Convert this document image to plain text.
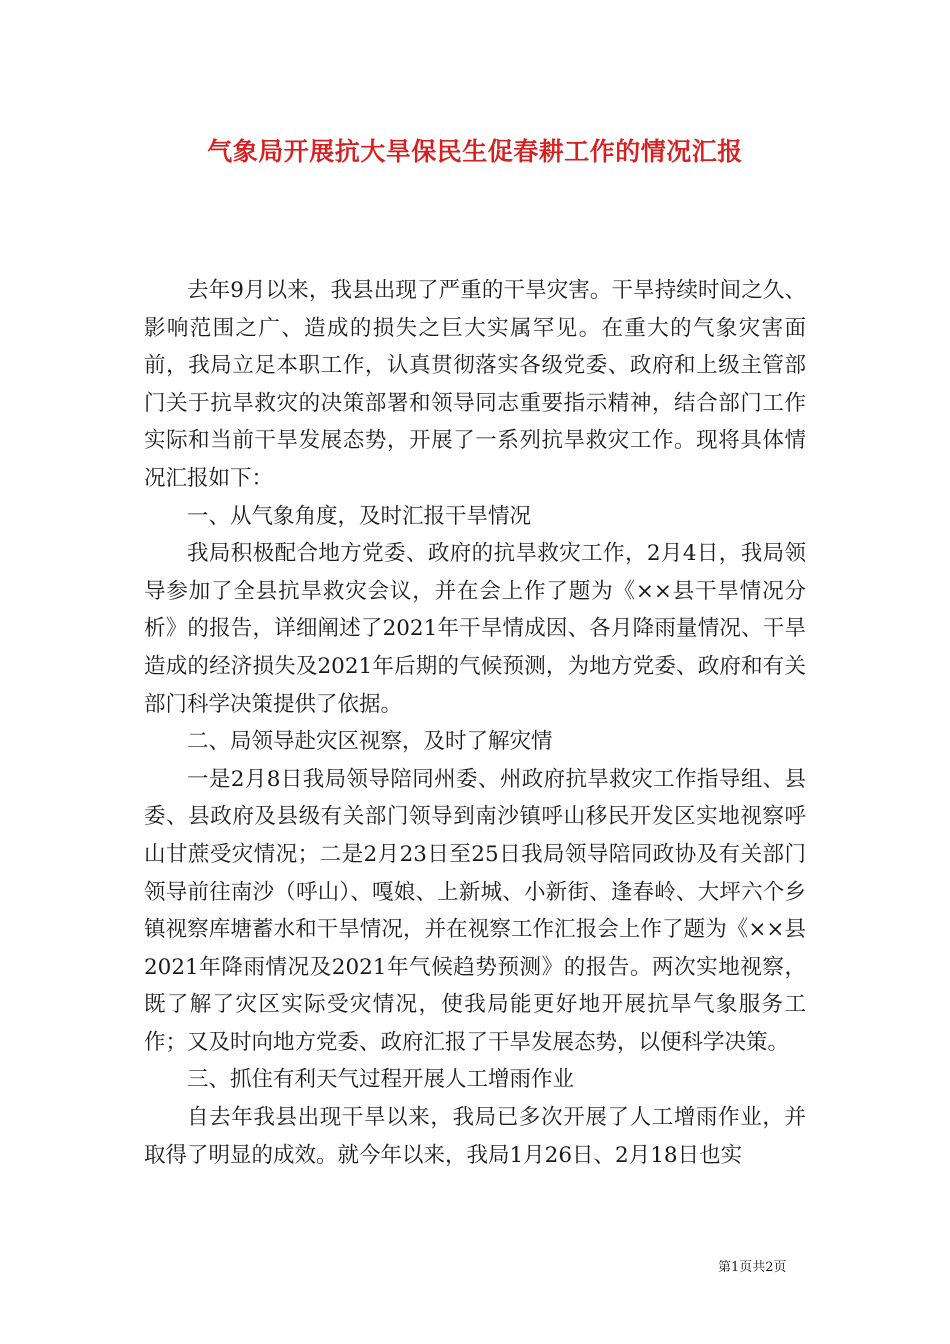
气象局开展抗大旱保民生促春耕工作的情况汇报

去年9月以来，我县出现了严重的干旱灾害。干旱持续时间之久、影响范围之广、造成的损失之巨大实属罕见。在重大的气象灾害面前，我局立足本职工作，认真贯彻落实各级党委、政府和上级主管部门关于抗旱救灾的决策部署和领导同志重要指示精神，结合部门工作实际和当前干旱发展态势，开展了一系列抗旱救灾工作。现将具体情况汇报如下：

一、从气象角度，及时汇报干旱情况

我局积极配合地方党委、政府的抗旱救灾工作，2月4日，我局领导参加了全县抗旱救灾会议，并在会上作了题为《××县干旱情况分析》的报告，详细阐述了2021年干旱情成因、各月降雨量情况、干旱造成的经济损失及2021年后期的气候预测，为地方党委、政府和有关部门科学决策提供了依据。

二、局领导赴灾区视察，及时了解灾情

一是2月8日我局领导陪同州委、州政府抗旱救灾工作指导组、县委、县政府及县级有关部门领导到南沙镇呼山移民开发区实地视察呼山甘蔗受灾情况；二是2月23日至25日我局领导陪同政协及有关部门领导前往南沙（呼山）、嘎娘、上新城、小新街、逢春岭、大坪六个乡镇视察库塘蓄水和干旱情况，并在视察工作汇报会上作了题为《××县2021年降雨情况及2021年气候趋势预测》的报告。两次实地视察，既了解了灾区实际受灾情况，使我局能更好地开展抗旱气象服务工作；又及时向地方党委、政府汇报了干旱发展态势，以便科学决策。

三、抓住有利天气过程开展人工增雨作业

自去年我县出现干旱以来，我局已多次开展了人工增雨作业，并取得了明显的成效。就今年以来，我局1月26日、2月18日也实

第1页共2页
